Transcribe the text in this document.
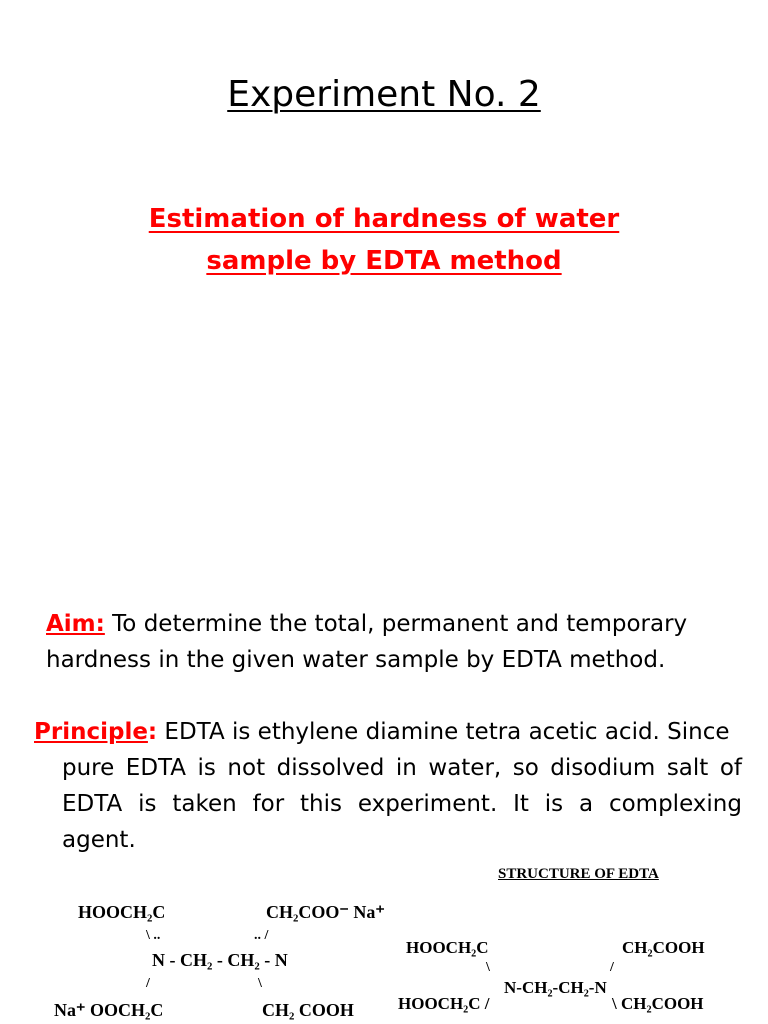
Experiment No. 2
Estimation of hardness of water
sample by EDTA method
Aim: To determine the total, permanent and temporary hardness in the given water sample by EDTA method.
Principle: EDTA is ethylene diamine tetra acetic acid. Since
pure EDTA is not dissolved in water, so disodium salt of EDTA is taken for this experiment. It is a complexing agent.
HOOCH₂C	CH₂COO⁻ Na⁺
\ ..	.. /
N - CH₂ - CH₂ - N
/	\
Na⁺ OOCH₂C	CH₂ COOH
STRUCTURE OF EDTA
HOOCH₂C	CH₂COOH
\	/
N-CH₂-CH₂-N
HOOCH₂C /	\ CH₂COOH
